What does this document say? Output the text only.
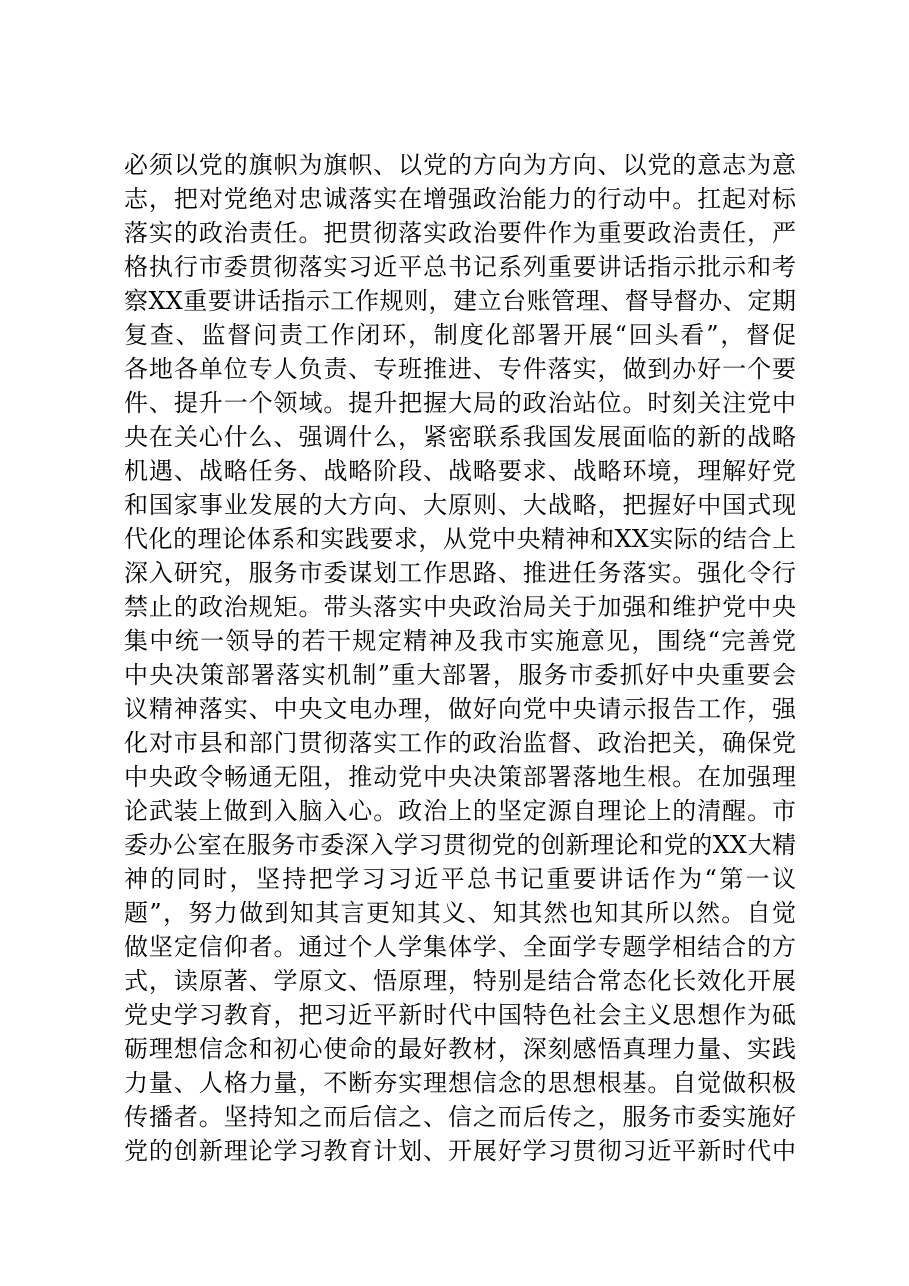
必须以党的旗帜为旗帜、以党的方向为方向、以党的意志为意
志，把对党绝对忠诚落实在增强政治能力的行动中。扛起对标
落实的政治责任。把贯彻落实政治要件作为重要政治责任，严
格执行市委贯彻落实习近平总书记系列重要讲话指示批示和考
察XX重要讲话指示工作规则，建立台账管理、督导督办、定期
复查、监督问责工作闭环，制度化部署开展“回头看”，督促
各地各单位专人负责、专班推进、专件落实，做到办好一个要
件、提升一个领域。提升把握大局的政治站位。时刻关注党中
央在关心什么、强调什么，紧密联系我国发展面临的新的战略
机遇、战略任务、战略阶段、战略要求、战略环境，理解好党
和国家事业发展的大方向、大原则、大战略，把握好中国式现
代化的理论体系和实践要求，从党中央精神和XX实际的结合上
深入研究，服务市委谋划工作思路、推进任务落实。强化令行
禁止的政治规矩。带头落实中央政治局关于加强和维护党中央
集中统一领导的若干规定精神及我市实施意见，围绕“完善党
中央决策部署落实机制”重大部署，服务市委抓好中央重要会
议精神落实、中央文电办理，做好向党中央请示报告工作，强
化对市县和部门贯彻落实工作的政治监督、政治把关，确保党
中央政令畅通无阻，推动党中央决策部署落地生根。在加强理
论武装上做到入脑入心。政治上的坚定源自理论上的清醒。市
委办公室在服务市委深入学习贯彻党的创新理论和党的XX大精
神的同时，坚持把学习习近平总书记重要讲话作为“第一议
题”，努力做到知其言更知其义、知其然也知其所以然。自觉
做坚定信仰者。通过个人学集体学、全面学专题学相结合的方
式，读原著、学原文、悟原理，特别是结合常态化长效化开展
党史学习教育，把习近平新时代中国特色社会主义思想作为砥
砺理想信念和初心使命的最好教材，深刻感悟真理力量、实践
力量、人格力量，不断夯实理想信念的思想根基。自觉做积极
传播者。坚持知之而后信之、信之而后传之，服务市委实施好
党的创新理论学习教育计划、开展好学习贯彻习近平新时代中
